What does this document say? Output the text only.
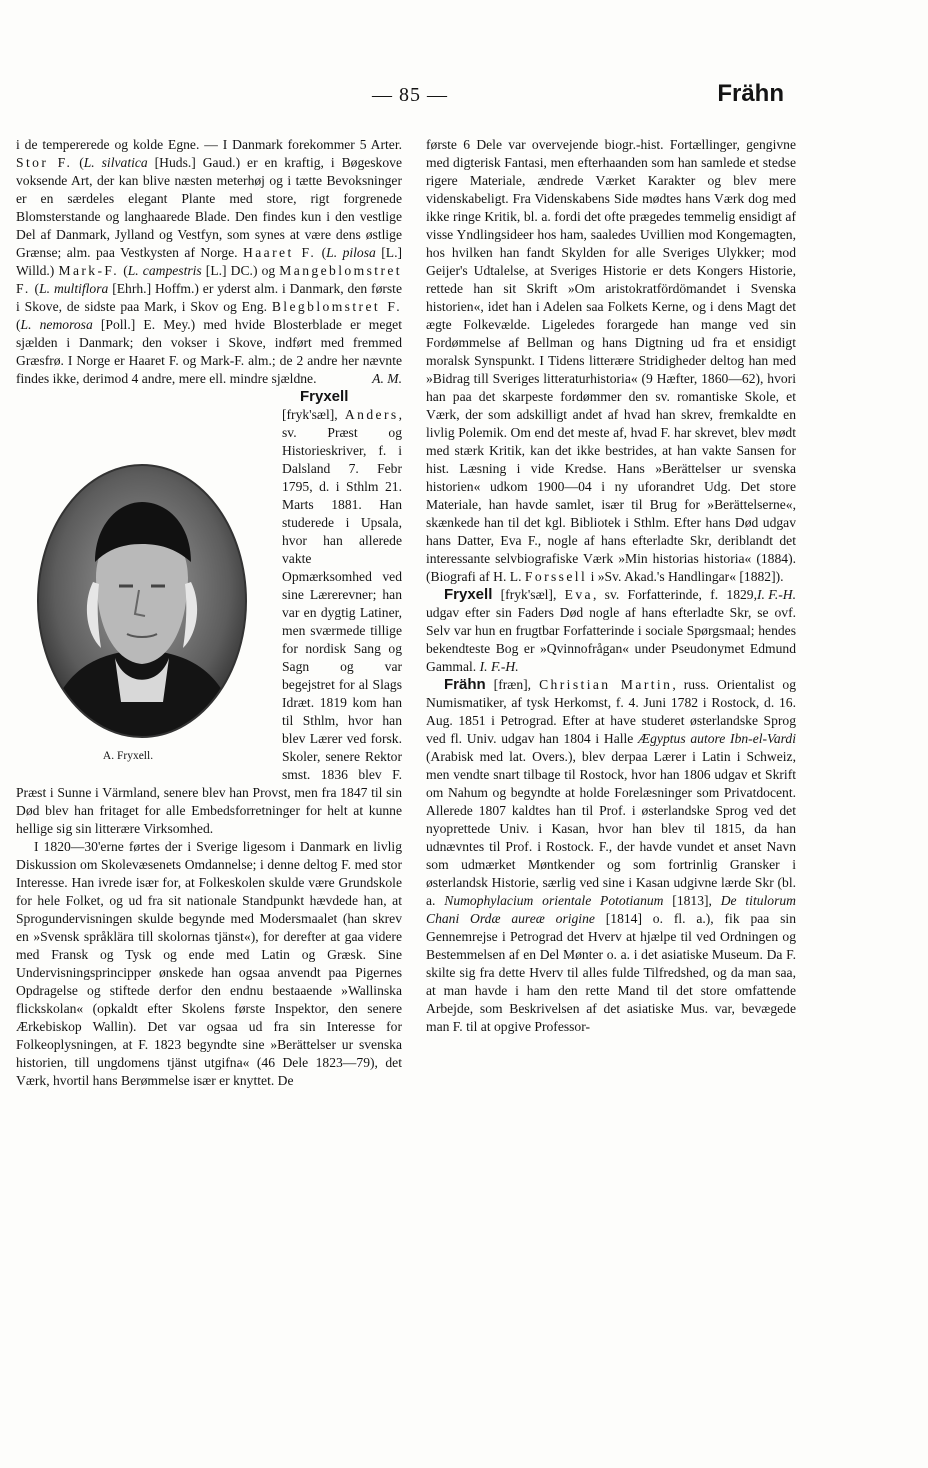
— 85 —	Frähn

i de tempererede og kolde Egne. — I Danmark forekommer 5 Arter. Stor F. (L. silvatica [Huds.] Gaud.) er en kraftig, i Bøgeskove voksende Art, der kan blive næsten meterhøj og i tætte Bevoksninger er en særdeles elegant Plante med store, rigt forgrenede Blomsterstande og langhaarede Blade. Den findes kun i den vestlige Del af Danmark, Jylland og Vestfyn, som synes at være dens østlige Grænse; alm. paa Vestkysten af Norge. Haaret F. (L. pilosa [L.] Willd.) Mark-F. (L. campestris [L.] DC.) og Mangeblomstret F. (L. multiflora [Ehrh.] Hoffm.) er yderst alm. i Danmark, den første i Skove, de sidste paa Mark, i Skov og Eng. Blegblomstret F. (L. nemorosa [Poll.] E. Mey.) med hvide Blosterblade er meget sjælden i Danmark; den vokser i Skove, indført med fremmed Græsfrø. I Norge er Haaret F. og Mark-F. alm.; de 2 andre her nævnte findes ikke, derimod 4 andre, mere ell. mindre sjældne.	A. M.

Fryxell [fryk'sæl], Anders, sv. Præst og Historieskriver, f. i Dalsland 7. Febr 1795, d. i Sthlm 21. Marts 1881. Han studerede i Upsala, hvor han allerede vakte Opmærksomhed ved sine Lærerevner; han var en dygtig Latiner, men sværmede tillige for nordisk Sang og Sagn og var begejstret for al Slags Idræt. 1819 kom han til Sthlm, hvor han blev Lærer ved forsk. Skoler, senere Rektor smst. 1836 blev F. Præst i Sunne i Värmland, senere blev han Provst, men fra 1847 til sin Død blev han fritaget for alle Embedsforretninger for helt at kunne hellige sig sin litterære Virksomhed.

I 1820—30'erne førtes der i Sverige ligesom i Danmark en livlig Diskussion om Skolevæsenets Omdannelse; i denne deltog F. med stor Interesse. Han ivrede især for, at Folkeskolen skulde være Grundskole for hele Folket, og ud fra sit nationale Standpunkt hævdede han, at Sprogundervisningen skulde begynde med Modersmaalet (han skrev en »Svensk språklära till skolornas tjänst«), for derefter at gaa videre med Fransk og Tysk og ende med Latin og Græsk. Sine Undervisningsprincipper ønskede han ogsaa anvendt paa Pigernes Opdragelse og stiftede derfor den endnu bestaaende »Wallinska flickskolan« (opkaldt efter Skolens første Inspektor, den senere Ærkebiskop Wallin). Det var ogsaa ud fra sin Interesse for Folkeoplysningen, at F. 1823 begyndte sine »Berättelser ur svenska historien, till ungdomens tjänst utgifna« (46 Dele 1823—79), det Værk, hvortil hans Berømmelse især er knyttet. De

A. Fryxell.

første 6 Dele var overvejende biogr.-hist. Fortællinger, gengivne med digterisk Fantasi, men efterhaanden som han samlede et stedse rigere Materiale, ændrede Værket Karakter og blev mere videnskabeligt. Fra Videnskabens Side mødtes hans Værk dog med ikke ringe Kritik, bl. a. fordi det ofte prægedes temmelig ensidigt af visse Yndlingsideer hos ham, saaledes Uvillien mod Kongemagten, hos hvilken han fandt Skylden for alle Sveriges Ulykker; mod Geijer's Udtalelse, at Sveriges Historie er dets Kongers Historie, rettede han sit Skrift »Om aristokratfördömandet i Svenska historien«, idet han i Adelen saa Folkets Kerne, og i dens Magt det ægte Folkevælde. Ligeledes forargede han mange ved sin Fordømmelse af Bellman og hans Digtning ud fra et ensidigt moralsk Synspunkt. I Tidens litterære Stridigheder deltog han med »Bidrag till Sveriges litteraturhistoria« (9 Hæfter, 1860—62), hvori han paa det skarpeste fordømmer den sv. romantiske Skole, et Værk, der som adskilligt andet af hvad han skrev, fremkaldte en livlig Polemik. Om end det meste af, hvad F. har skrevet, blev mødt med stærk Kritik, kan det ikke bestrides, at han vakte Sansen for hist. Læsning i vide Kredse. Hans »Berättelser ur svenska historien« udkom 1900—04 i ny uforandret Udg. Det store Materiale, han havde samlet, især til Brug for »Berättelserne«, skænkede han til det kgl. Bibliotek i Sthlm. Efter hans Død udgav hans Datter, Eva F., nogle af hans efterladte Skr, deriblandt det interessante selvbiografiske Værk »Min historias historia« (1884). (Biografi af H. L. Forssell i »Sv. Akad.'s Handlingar« [1882]).
I. F.-H.

Fryxell [fryk'sæl], Eva, sv. Forfatterinde, f. 1829, udgav efter sin Faders Død nogle af hans efterladte Skr, se ovf. Selv var hun en frugtbar Forfatterinde i sociale Spørgsmaal; hendes bekendteste Bog er »Qvinnofrågan« under Pseudonymet Edmund Gammal. I. F.-H.

Frähn [fræn], Christian Martin, russ. Orientalist og Numismatiker, af tysk Herkomst, f. 4. Juni 1782 i Rostock, d. 16. Aug. 1851 i Petrograd. Efter at have studeret østerlandske Sprog ved fl. Univ. udgav han 1804 i Halle Ægyptus autore Ibn-el-Vardi (Arabisk med lat. Overs.), blev derpaa Lærer i Latin i Schweiz, men vendte snart tilbage til Rostock, hvor han 1806 udgav et Skrift om Nahum og begyndte at holde Forelæsninger som Privatdocent. Allerede 1807 kaldtes han til Prof. i østerlandske Sprog ved det nyoprettede Univ. i Kasan, hvor han blev til 1815, da han udnævntes til Prof. i Rostock. F., der havde vundet et anset Navn som udmærket Møntkender og som fortrinlig Gransker i østerlandsk Historie, særlig ved sine i Kasan udgivne lærde Skr (bl. a. Numophylacium orientale Pototianum [1813], De titulorum Chani Ordæ aureæ origine [1814] o. fl. a.), fik paa sin Gennemrejse i Petrograd det Hverv at hjælpe til ved Ordningen og Bestemmelsen af en Del Mønter o. a. i det asiatiske Museum. Da F. skilte sig fra dette Hverv til alles fulde Tilfredshed, og da man saa, at man havde i ham den rette Mand til det store omfattende Arbejde, som Beskrivelsen af det asiatiske Mus. var, bevægede man F. til at opgive Professor-
